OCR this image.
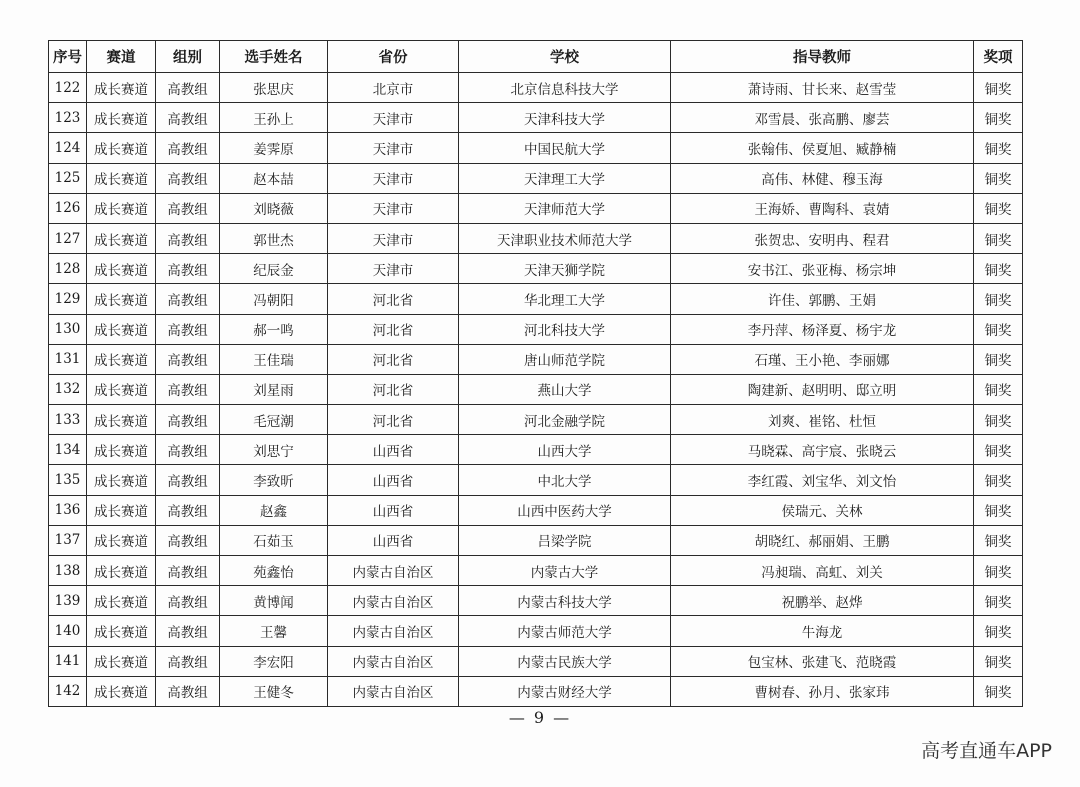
序号	赛道	组别	选手姓名	省份	学校	指导教师	奖项
122	成长赛道	高教组	张思庆	北京市	北京信息科技大学	萧诗雨、甘长来、赵雪莹	铜奖
123	成长赛道	高教组	王孙上	天津市	天津科技大学	邓雪晨、张高鹏、廖芸	铜奖
124	成长赛道	高教组	姜霁原	天津市	中国民航大学	张翰伟、侯夏旭、臧静楠	铜奖
125	成长赛道	高教组	赵本喆	天津市	天津理工大学	高伟、林健、穆玉海	铜奖
126	成长赛道	高教组	刘晓薇	天津市	天津师范大学	王海娇、曹陶科、袁婧	铜奖
127	成长赛道	高教组	郭世杰	天津市	天津职业技术师范大学	张贺忠、安明冉、程君	铜奖
128	成长赛道	高教组	纪辰金	天津市	天津天狮学院	安书江、张亚梅、杨宗坤	铜奖
129	成长赛道	高教组	冯朝阳	河北省	华北理工大学	许佳、郭鹏、王娟	铜奖
130	成长赛道	高教组	郝一鸣	河北省	河北科技大学	李丹萍、杨泽夏、杨宇龙	铜奖
131	成长赛道	高教组	王佳瑞	河北省	唐山师范学院	石瑾、王小艳、李丽娜	铜奖
132	成长赛道	高教组	刘星雨	河北省	燕山大学	陶建新、赵明明、邸立明	铜奖
133	成长赛道	高教组	毛冠潮	河北省	河北金融学院	刘爽、崔铭、杜恒	铜奖
134	成长赛道	高教组	刘思宁	山西省	山西大学	马晓霖、高宇宸、张晓云	铜奖
135	成长赛道	高教组	李致昕	山西省	中北大学	李红霞、刘宝华、刘文怡	铜奖
136	成长赛道	高教组	赵鑫	山西省	山西中医药大学	侯瑞元、关林	铜奖
137	成长赛道	高教组	石茹玉	山西省	吕梁学院	胡晓红、郝丽娟、王鹏	铜奖
138	成长赛道	高教组	苑鑫怡	内蒙古自治区	内蒙古大学	冯昶瑞、高虹、刘关	铜奖
139	成长赛道	高教组	黄博闻	内蒙古自治区	内蒙古科技大学	祝鹏举、赵烨	铜奖
140	成长赛道	高教组	王馨	内蒙古自治区	内蒙古师范大学	牛海龙	铜奖
141	成长赛道	高教组	李宏阳	内蒙古自治区	内蒙古民族大学	包宝林、张建飞、范晓霞	铜奖
142	成长赛道	高教组	王健冬	内蒙古自治区	内蒙古财经大学	曹树春、孙月、张家玮	铜奖
— 9 —
高考直通车APP
